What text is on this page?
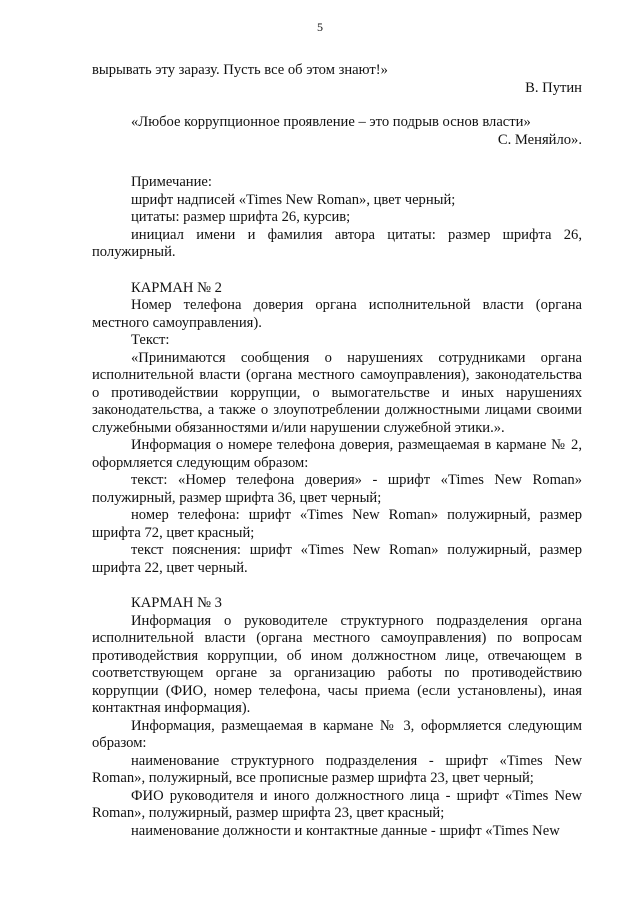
5

вырывать эту заразу. Пусть все об этом знают!»

В. Путин

«Любое коррупционное проявление – это подрыв основ власти»

С. Меняйло».

Примечание:

шрифт надписей «Times New Roman», цвет черный;

цитаты: размер шрифта 26, курсив;

инициал имени и фамилия автора цитаты: размер шрифта 26, полужирный.

КАРМАН № 2

Номер телефона доверия органа исполнительной власти (органа местного самоуправления).

Текст:

«Принимаются сообщения о нарушениях сотрудниками органа исполнительной власти (органа местного самоуправления), законодательства о противодействии коррупции, о вымогательстве и иных нарушениях законодательства, а также о злоупотреблении должностными лицами своими служебными обязанностями и/или нарушении служебной этики.».

Информация о номере телефона доверия, размещаемая в кармане № 2, оформляется следующим образом:

текст: «Номер телефона доверия» - шрифт «Times New Roman» полужирный, размер шрифта 36, цвет черный;

номер телефона: шрифт «Times New Roman» полужирный, размер шрифта 72, цвет красный;

текст пояснения: шрифт «Times New Roman» полужирный, размер шрифта 22, цвет черный.

КАРМАН № 3

Информация о руководителе структурного подразделения органа исполнительной власти (органа местного самоуправления) по вопросам противодействия коррупции, об ином должностном лице, отвечающем в соответствующем органе за организацию работы по противодействию коррупции (ФИО, номер телефона, часы приема (если установлены), иная контактная информация).

Информация, размещаемая в кармане № 3, оформляется следующим образом:

наименование структурного подразделения - шрифт «Times New Roman», полужирный, все прописные размер шрифта 23, цвет черный;

ФИО руководителя и иного должностного лица - шрифт «Times New Roman», полужирный, размер шрифта 23, цвет красный;

наименование должности и контактные данные - шрифт «Times New
